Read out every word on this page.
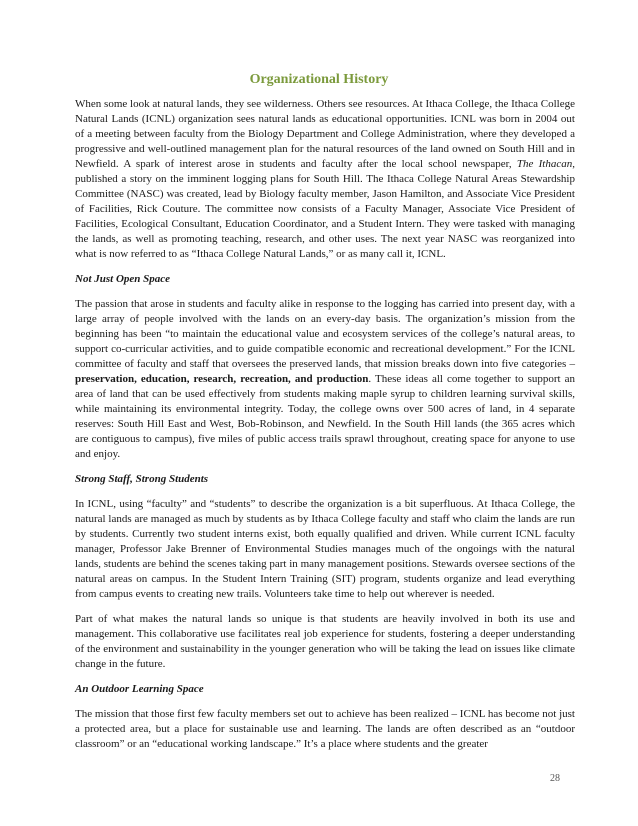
Organizational History

When some look at natural lands, they see wilderness. Others see resources. At Ithaca College, the Ithaca College Natural Lands (ICNL) organization sees natural lands as educational opportunities. ICNL was born in 2004 out of a meeting between faculty from the Biology Department and College Administration, where they developed a progressive and well-outlined management plan for the natural resources of the land owned on South Hill and in Newfield. A spark of interest arose in students and faculty after the local school newspaper, The Ithacan, published a story on the imminent logging plans for South Hill. The Ithaca College Natural Areas Stewardship Committee (NASC) was created, lead by Biology faculty member, Jason Hamilton, and Associate Vice President of Facilities, Rick Couture. The committee now consists of a Faculty Manager, Associate Vice President of Facilities, Ecological Consultant, Education Coordinator, and a Student Intern. They were tasked with managing the lands, as well as promoting teaching, research, and other uses. The next year NASC was reorganized into what is now referred to as “Ithaca College Natural Lands,” or as many call it, ICNL.

Not Just Open Space

The passion that arose in students and faculty alike in response to the logging has carried into present day, with a large array of people involved with the lands on an every-day basis. The organization’s mission from the beginning has been “to maintain the educational value and ecosystem services of the college’s natural areas, to support co-curricular activities, and to guide compatible economic and recreational development.” For the ICNL committee of faculty and staff that oversees the preserved lands, that mission breaks down into five categories – preservation, education, research, recreation, and production. These ideas all come together to support an area of land that can be used effectively from students making maple syrup to children learning survival skills, while maintaining its environmental integrity. Today, the college owns over 500 acres of land, in 4 separate reserves: South Hill East and West, Bob-Robinson, and Newfield. In the South Hill lands (the 365 acres which are contiguous to campus), five miles of public access trails sprawl throughout, creating space for anyone to use and enjoy.

Strong Staff, Strong Students

In ICNL, using “faculty” and “students” to describe the organization is a bit superfluous. At Ithaca College, the natural lands are managed as much by students as by Ithaca College faculty and staff who claim the lands are run by students. Currently two student interns exist, both equally qualified and driven. While current ICNL faculty manager, Professor Jake Brenner of Environmental Studies manages much of the ongoings with the natural lands, students are behind the scenes taking part in many management positions. Stewards oversee sections of the natural areas on campus. In the Student Intern Training (SIT) program, students organize and lead everything from campus events to creating new trails. Volunteers take time to help out wherever is needed.

Part of what makes the natural lands so unique is that students are heavily involved in both its use and management. This collaborative use facilitates real job experience for students, fostering a deeper understanding of the environment and sustainability in the younger generation who will be taking the lead on issues like climate change in the future.

An Outdoor Learning Space

The mission that those first few faculty members set out to achieve has been realized – ICNL has become not just a protected area, but a place for sustainable use and learning. The lands are often described as an “outdoor classroom” or an “educational working landscape.” It’s a place where students and the greater

28
